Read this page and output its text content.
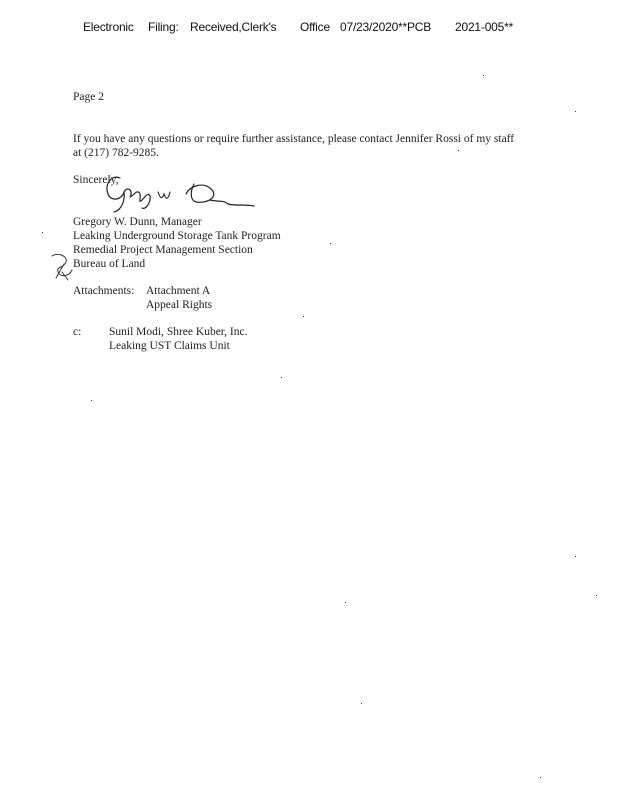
Electronic Filing: Received,Clerk's Office 07/23/2020**PCB 2021-005**
Page 2
If you have any questions or require further assistance, please contact Jennifer Rossi of my staff
at (217) 782-9285.
Sincerely,
Gregory W. Dunn, Manager
Leaking Underground Storage Tank Program
Remedial Project Management Section
Bureau of Land
Attachments: Attachment A
Appeal Rights
c: Sunil Modi, Shree Kuber, Inc.
Leaking UST Claims Unit
